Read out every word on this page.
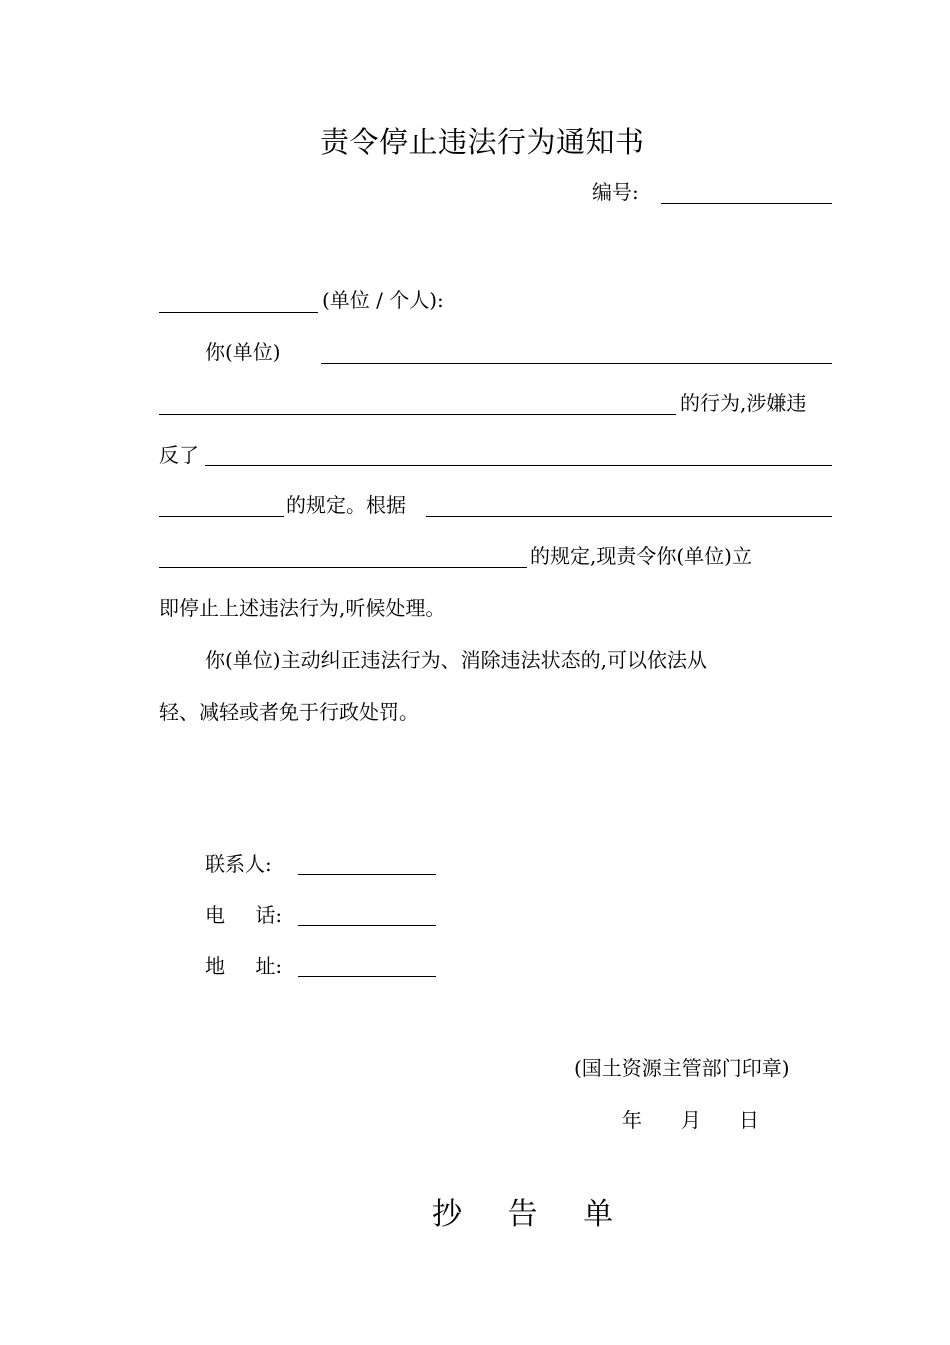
责令停止违法行为通知书
编号:
(单位 / 个人):
你(单位)
的行为,涉嫌违
反了
的规定。根据
的规定,现责令你(单位)立
即停止上述违法行为,听候处理。
你(单位)主动纠正违法行为、消除违法状态的,可以依法从
轻、减轻或者免于行政处罚。
联系人:
电 话:
地 址:
(国土资源主管部门印章)
年 月 日
抄 告 单
